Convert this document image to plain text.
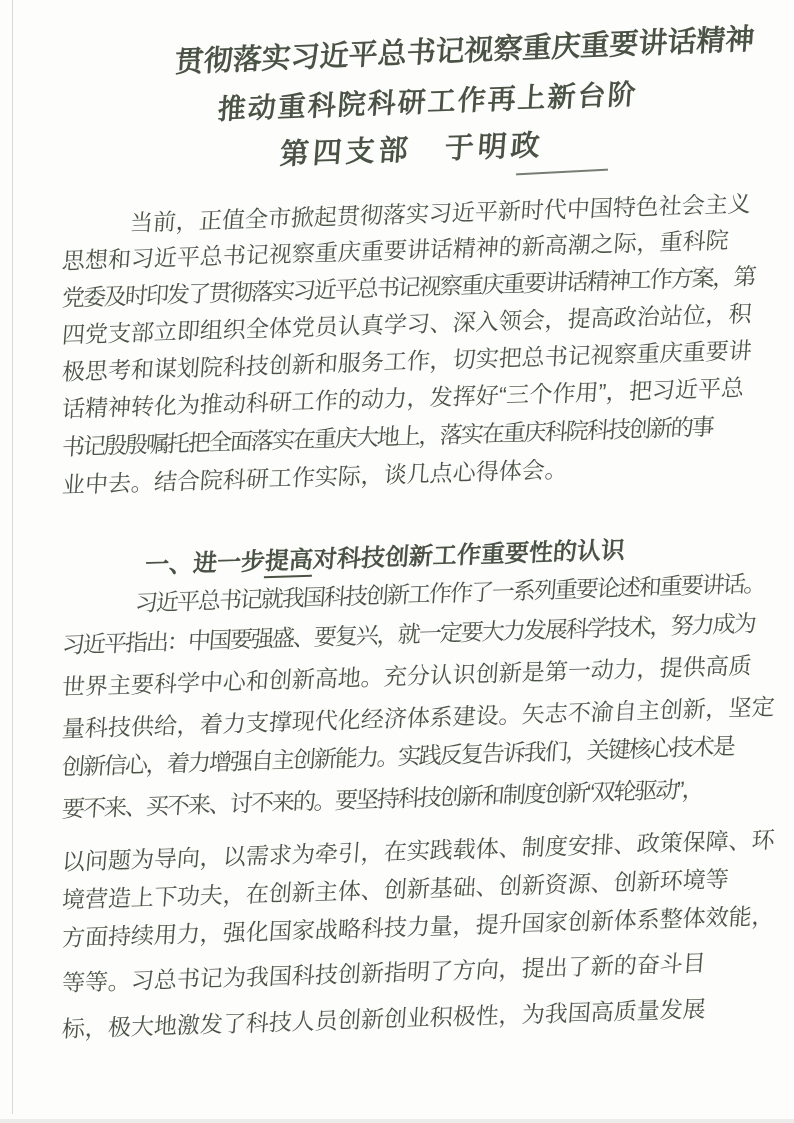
贯彻落实习近平总书记视察重庆重要讲话精神
推动重科院科研工作再上新台阶
第四支部　于明政
当前，正值全市掀起贯彻落实习近平新时代中国特色社会主义
思想和习近平总书记视察重庆重要讲话精神的新高潮之际，重科院
党委及时印发了贯彻落实习近平总书记视察重庆重要讲话精神工作方案，第
四党支部立即组织全体党员认真学习、深入领会，提高政治站位，积
极思考和谋划院科技创新和服务工作，切实把总书记视察重庆重要讲
话精神转化为推动科研工作的动力，发挥好“三个作用”，把习近平总
书记殷殷嘱托把全面落实在重庆大地上，落实在重庆科院科技创新的事
业中去。结合院科研工作实际，谈几点心得体会。
一、进一步提高对科技创新工作重要性的认识
习近平总书记就我国科技创新工作作了一系列重要论述和重要讲话。
习近平指出：中国要强盛、要复兴，就一定要大力发展科学技术，努力成为
世界主要科学中心和创新高地。充分认识创新是第一动力，提供高质
量科技供给，着力支撑现代化经济体系建设。矢志不渝自主创新，坚定
创新信心，着力增强自主创新能力。实践反复告诉我们，关键核心技术是
要不来、买不来、讨不来的。要坚持科技创新和制度创新“双轮驱动”，
以问题为导向，以需求为牵引，在实践载体、制度安排、政策保障、环
境营造上下功夫，在创新主体、创新基础、创新资源、创新环境等
方面持续用力，强化国家战略科技力量，提升国家创新体系整体效能，
等等。习总书记为我国科技创新指明了方向，提出了新的奋斗目
标，极大地激发了科技人员创新创业积极性，为我国高质量发展
